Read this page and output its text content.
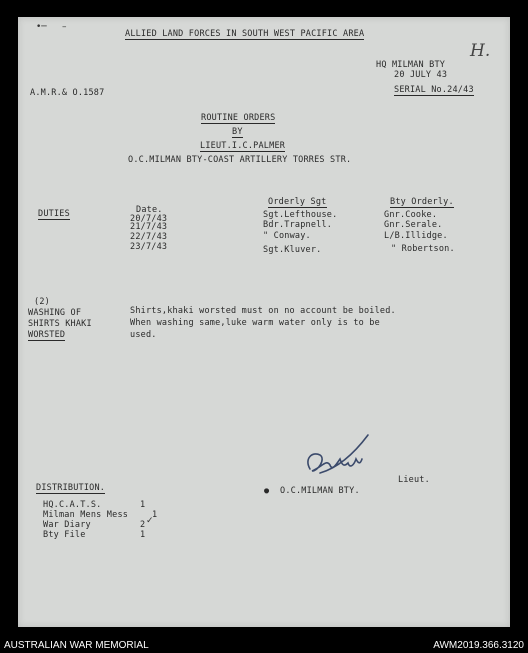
•─ –
ALLIED LAND FORCES IN SOUTH WEST PACIFIC AREA
H.
HQ MILMAN BTY
20 JULY 43
A.M.R.& O.1587	SERIAL No.24/43
ROUTINE ORDERS
BY
LIEUT.I.C.PALMER
O.C.MILMAN BTY-COAST ARTILLERY TORRES STR.
DUTIES	Date.
Orderly Sgt	Bty Orderly.
20/7/43	Sgt.Lefthouse.	Gnr.Cooke.
21/7/43	Bdr.Trapnell.	Gnr.Serale.
22/7/43	" Conway.	L/B.Illidge.
23/7/43	Sgt.Kluver.	" Robertson.
(2)
WASHING OF
SHIRTS KHAKI
WORSTED
Shirts,khaki worsted must on no account be boiled.
When washing same,luke warm water only is to be
used.
Lieut.
● O.C.MILMAN BTY.
DISTRIBUTION.
HQ.C.A.T.S.	1
Milman Mens Mess	1
War Diary	2 ✓
Bty File	1
AUSTRALIAN WAR MEMORIAL	AWM2019.366.3120
